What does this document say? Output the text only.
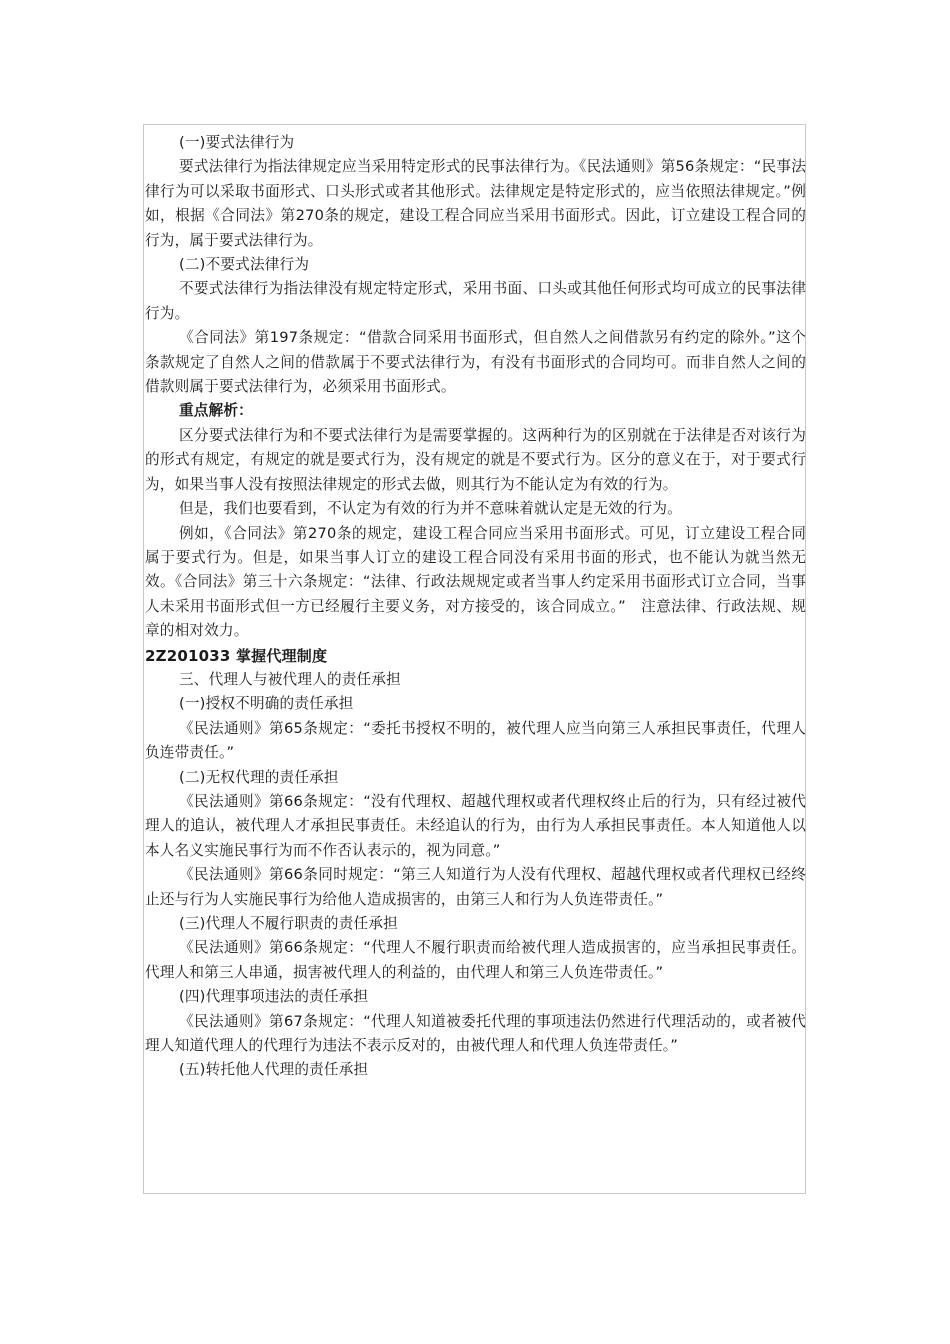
(一)要式法律行为

要式法律行为指法律规定应当采用特定形式的民事法律行为。《民法通则》第56条规定：“民事法律行为可以采取书面形式、口头形式或者其他形式。法律规定是特定形式的，应当依照法律规定。”例如，根据《合同法》第270条的规定，建设工程合同应当采用书面形式。因此，订立建设工程合同的行为，属于要式法律行为。

(二)不要式法律行为

不要式法律行为指法律没有规定特定形式，采用书面、口头或其他任何形式均可成立的民事法律行为。

《合同法》第197条规定：“借款合同采用书面形式，但自然人之间借款另有约定的除外。”这个条款规定了自然人之间的借款属于不要式法律行为，有没有书面形式的合同均可。而非自然人之间的借款则属于要式法律行为，必须采用书面形式。

重点解析：

区分要式法律行为和不要式法律行为是需要掌握的。这两种行为的区别就在于法律是否对该行为的形式有规定，有规定的就是要式行为，没有规定的就是不要式行为。区分的意义在于，对于要式行为，如果当事人没有按照法律规定的形式去做，则其行为不能认定为有效的行为。

但是，我们也要看到，不认定为有效的行为并不意味着就认定是无效的行为。

例如，《合同法》第270条的规定，建设工程合同应当采用书面形式。可见，订立建设工程合同属于要式行为。但是，如果当事人订立的建设工程合同没有采用书面的形式，也不能认为就当然无效。《合同法》第三十六条规定：“法律、行政法规规定或者当事人约定采用书面形式订立合同，当事人未采用书面形式但一方已经履行主要义务，对方接受的，该合同成立。”　注意法律、行政法规、规章的相对效力。

2Z201033 掌握代理制度

三、代理人与被代理人的责任承担

(一)授权不明确的责任承担

《民法通则》第65条规定：“委托书授权不明的，被代理人应当向第三人承担民事责任，代理人负连带责任。”

(二)无权代理的责任承担

《民法通则》第66条规定：“没有代理权、超越代理权或者代理权终止后的行为，只有经过被代理人的追认，被代理人才承担民事责任。未经追认的行为，由行为人承担民事责任。本人知道他人以本人名义实施民事行为而不作否认表示的，视为同意。”

《民法通则》第66条同时规定：“第三人知道行为人没有代理权、超越代理权或者代理权已经终止还与行为人实施民事行为给他人造成损害的，由第三人和行为人负连带责任。”

(三)代理人不履行职责的责任承担

《民法通则》第66条规定：“代理人不履行职责而给被代理人造成损害的，应当承担民事责任。代理人和第三人串通，损害被代理人的利益的，由代理人和第三人负连带责任。”

(四)代理事项违法的责任承担

《民法通则》第67条规定：“代理人知道被委托代理的事项违法仍然进行代理活动的，或者被代理人知道代理人的代理行为违法不表示反对的，由被代理人和代理人负连带责任。”

(五)转托他人代理的责任承担
